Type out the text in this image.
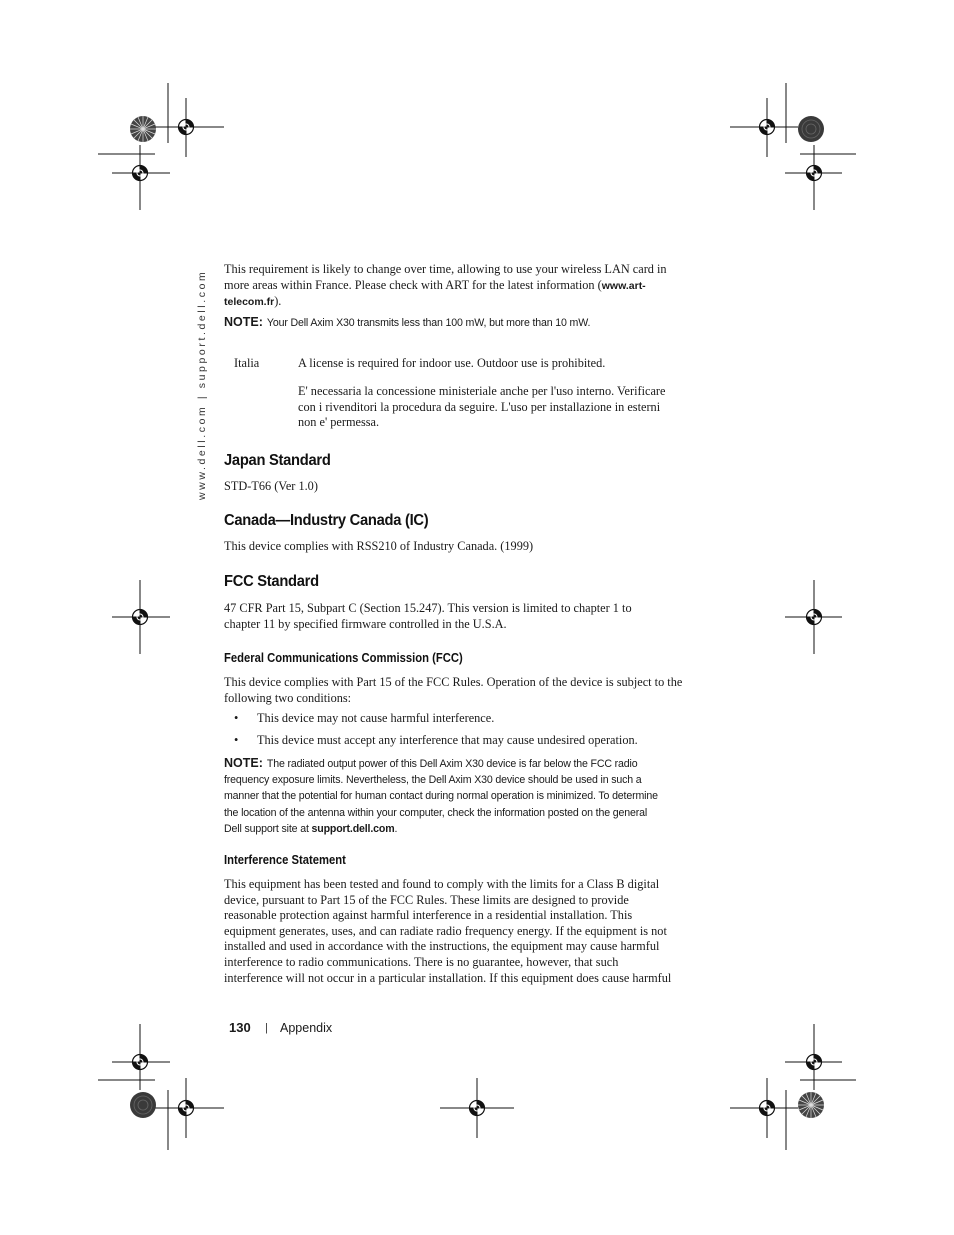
www.dell.com | support.dell.com
This requirement is likely to change over time, allowing to use your wireless LAN card in
more areas within France. Please check with ART for the latest information (www.art-
telecom.fr).
NOTE: Your Dell Axim X30 transmits less than 100 mW, but more than 10 mW.
Italia	A license is required for indoor use. Outdoor use is prohibited.
E' necessaria la concessione ministeriale anche per l'uso interno. Verificare
con i rivenditori la procedura da seguire. L'uso per installazione in esterni
non e' permessa.
Japan Standard
STD-T66 (Ver 1.0)
Canada—Industry Canada (IC)
This device complies with RSS210 of Industry Canada. (1999)
FCC Standard
47 CFR Part 15, Subpart C (Section 15.247). This version is limited to chapter 1 to
chapter 11 by specified firmware controlled in the U.S.A.
Federal Communications Commission (FCC)
This device complies with Part 15 of the FCC Rules. Operation of the device is subject to the
following two conditions:
• This device may not cause harmful interference.
• This device must accept any interference that may cause undesired operation.
NOTE: The radiated output power of this Dell Axim X30 device is far below the FCC radio
frequency exposure limits. Nevertheless, the Dell Axim X30 device should be used in such a
manner that the potential for human contact during normal operation is minimized. To determine
the location of the antenna within your computer, check the information posted on the general
Dell support site at support.dell.com.
Interference Statement
This equipment has been tested and found to comply with the limits for a Class B digital
device, pursuant to Part 15 of the FCC Rules. These limits are designed to provide
reasonable protection against harmful interference in a residential installation. This
equipment generates, uses, and can radiate radio frequency energy. If the equipment is not
installed and used in accordance with the instructions, the equipment may cause harmful
interference to radio communications. There is no guarantee, however, that such
interference will not occur in a particular installation. If this equipment does cause harmful
130 | Appendix
